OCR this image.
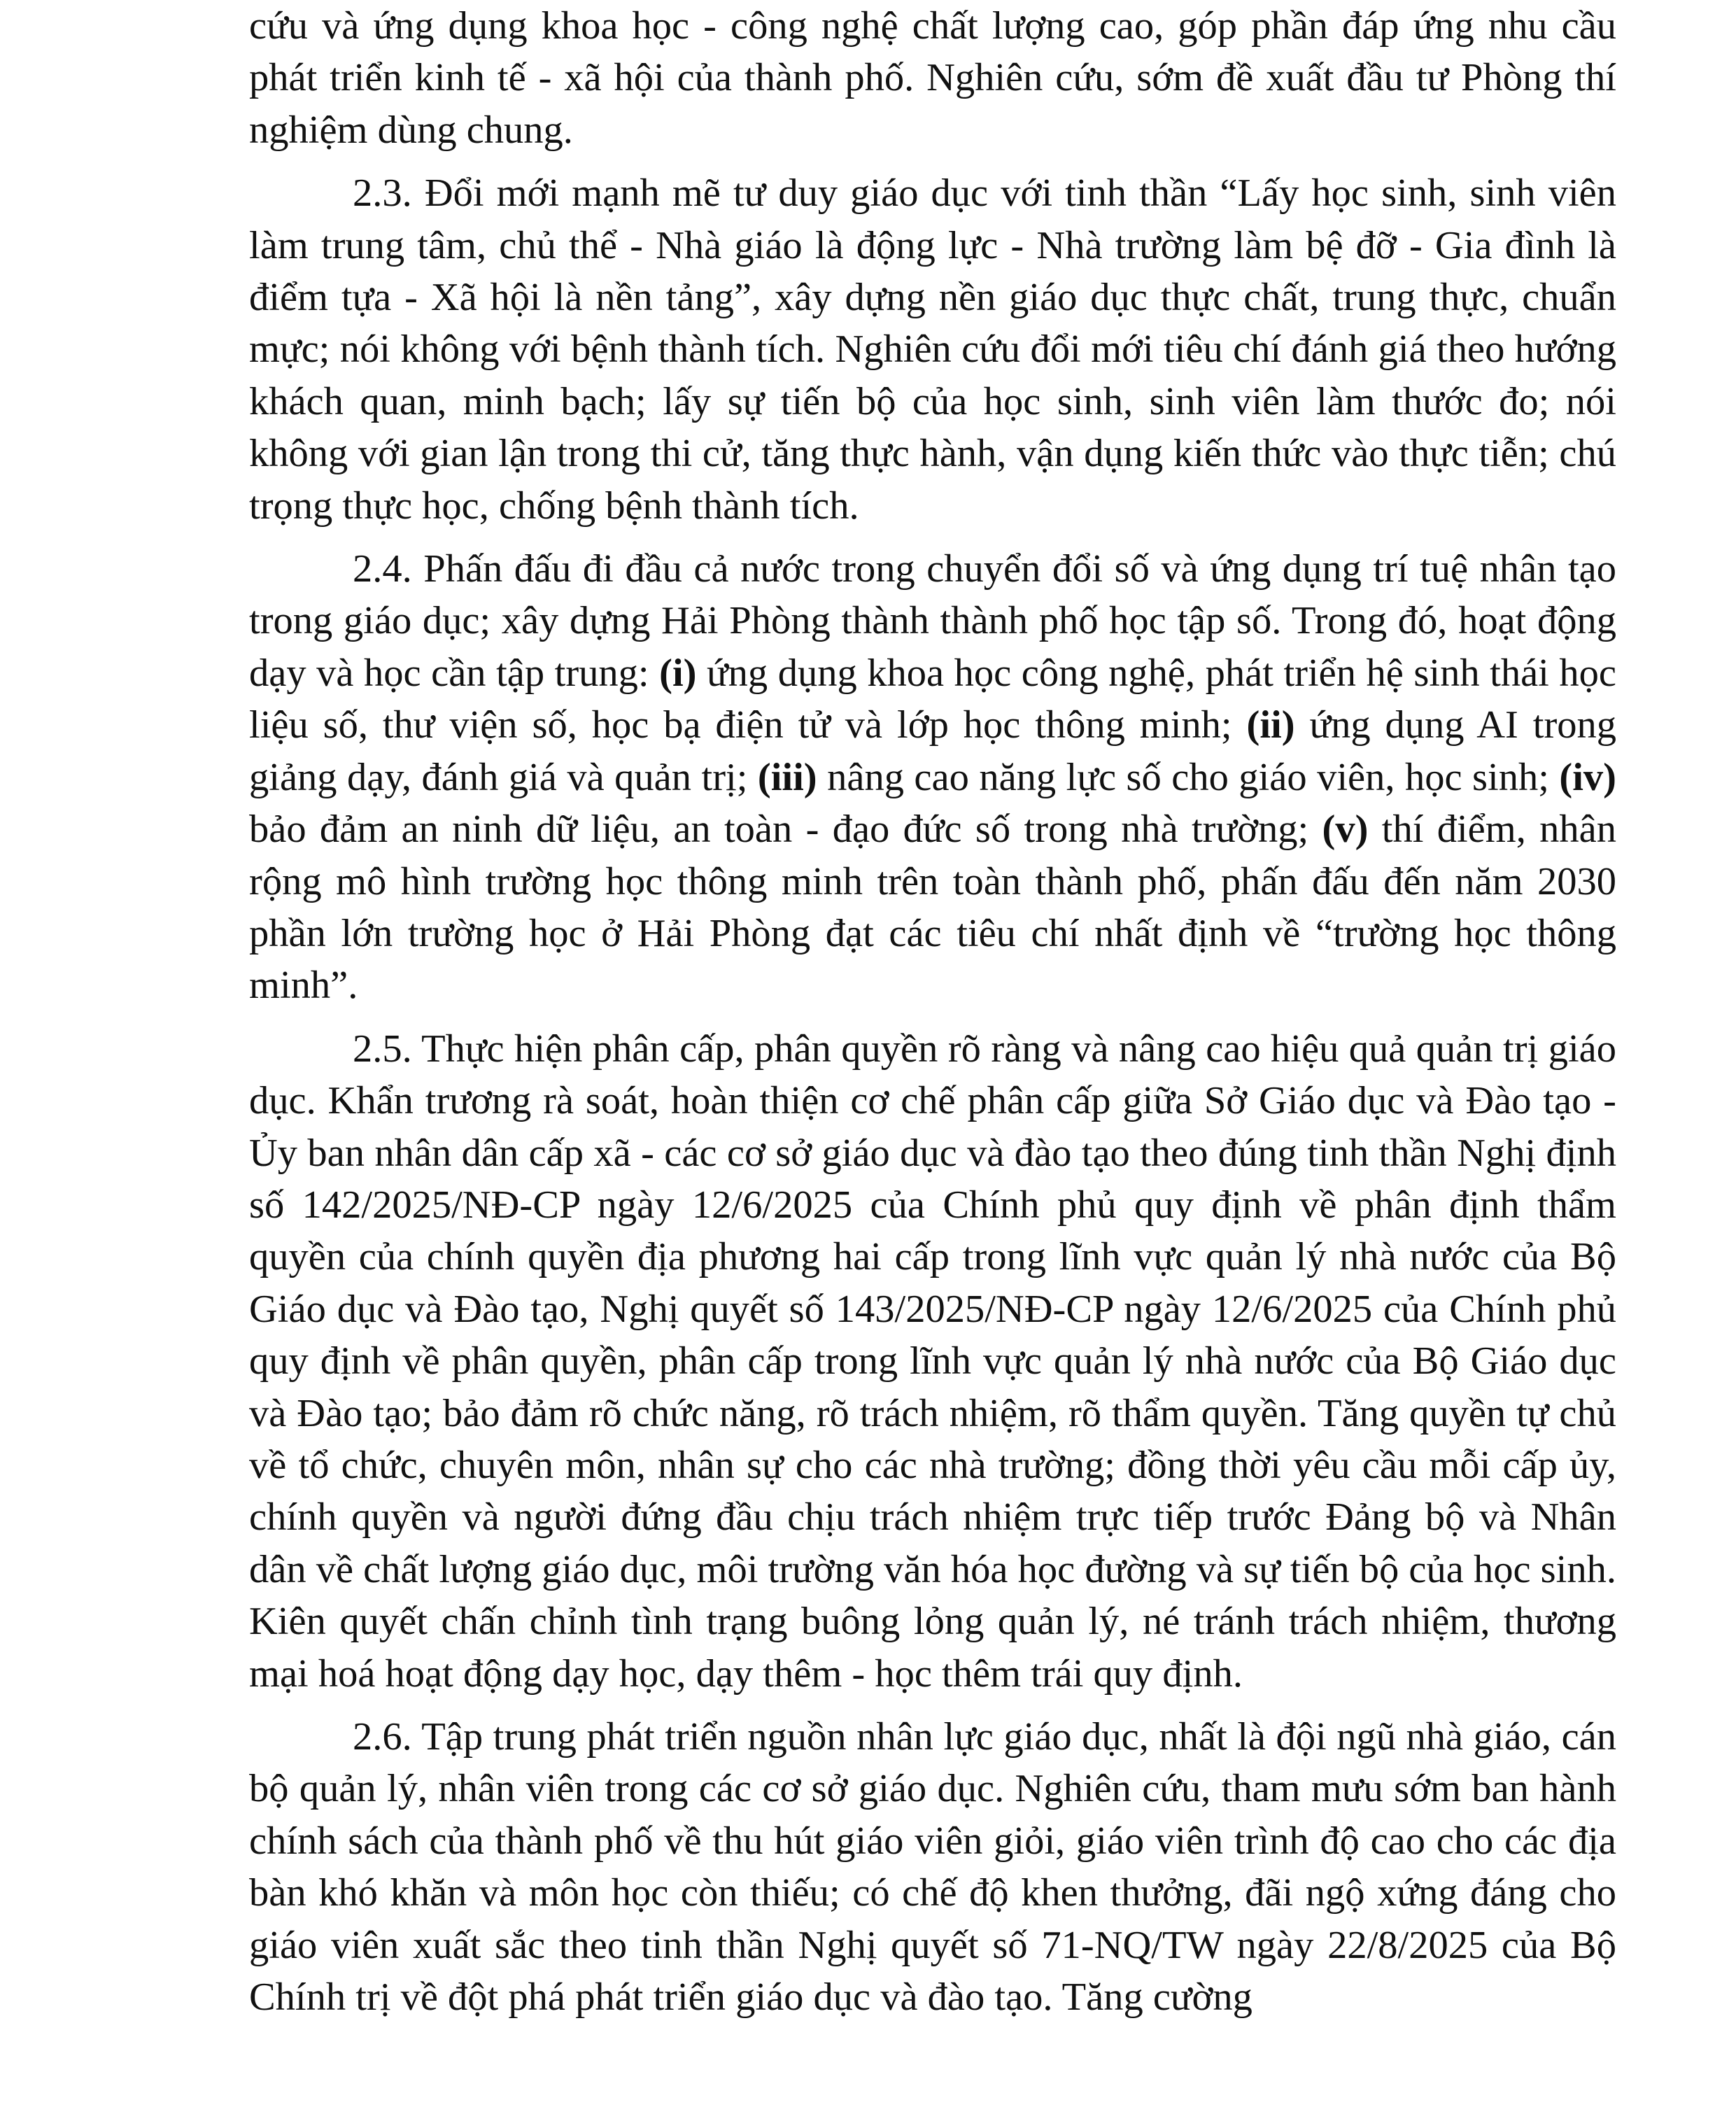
cứu và ứng dụng khoa học - công nghệ chất lượng cao, góp phần đáp ứng nhu cầu phát triển kinh tế - xã hội của thành phố. Nghiên cứu, sớm đề xuất đầu tư Phòng thí nghiệm dùng chung.

2.3. Đổi mới mạnh mẽ tư duy giáo dục với tinh thần “Lấy học sinh, sinh viên làm trung tâm, chủ thể - Nhà giáo là động lực - Nhà trường làm bệ đỡ - Gia đình là điểm tựa - Xã hội là nền tảng”, xây dựng nền giáo dục thực chất, trung thực, chuẩn mực; nói không với bệnh thành tích. Nghiên cứu đổi mới tiêu chí đánh giá theo hướng khách quan, minh bạch; lấy sự tiến bộ của học sinh, sinh viên làm thước đo; nói không với gian lận trong thi cử, tăng thực hành, vận dụng kiến thức vào thực tiễn; chú trọng thực học, chống bệnh thành tích.

2.4. Phấn đấu đi đầu cả nước trong chuyển đổi số và ứng dụng trí tuệ nhân tạo trong giáo dục; xây dựng Hải Phòng thành thành phố học tập số. Trong đó, hoạt động dạy và học cần tập trung: (i) ứng dụng khoa học công nghệ, phát triển hệ sinh thái học liệu số, thư viện số, học bạ điện tử và lớp học thông minh; (ii) ứng dụng AI trong giảng dạy, đánh giá và quản trị; (iii) nâng cao năng lực số cho giáo viên, học sinh; (iv) bảo đảm an ninh dữ liệu, an toàn - đạo đức số trong nhà trường; (v) thí điểm, nhân rộng mô hình trường học thông minh trên toàn thành phố, phấn đấu đến năm 2030 phần lớn trường học ở Hải Phòng đạt các tiêu chí nhất định về “trường học thông minh”.

2.5. Thực hiện phân cấp, phân quyền rõ ràng và nâng cao hiệu quả quản trị giáo dục. Khẩn trương rà soát, hoàn thiện cơ chế phân cấp giữa Sở Giáo dục và Đào tạo - Ủy ban nhân dân cấp xã - các cơ sở giáo dục và đào tạo theo đúng tinh thần Nghị định số 142/2025/NĐ-CP ngày 12/6/2025 của Chính phủ quy định về phân định thẩm quyền của chính quyền địa phương hai cấp trong lĩnh vực quản lý nhà nước của Bộ Giáo dục và Đào tạo, Nghị quyết số 143/2025/NĐ-CP ngày 12/6/2025 của Chính phủ quy định về phân quyền, phân cấp trong lĩnh vực quản lý nhà nước của Bộ Giáo dục và Đào tạo; bảo đảm rõ chức năng, rõ trách nhiệm, rõ thẩm quyền. Tăng quyền tự chủ về tổ chức, chuyên môn, nhân sự cho các nhà trường; đồng thời yêu cầu mỗi cấp ủy, chính quyền và người đứng đầu chịu trách nhiệm trực tiếp trước Đảng bộ và Nhân dân về chất lượng giáo dục, môi trường văn hóa học đường và sự tiến bộ của học sinh. Kiên quyết chấn chỉnh tình trạng buông lỏng quản lý, né tránh trách nhiệm, thương mại hoá hoạt động dạy học, dạy thêm - học thêm trái quy định.

2.6. Tập trung phát triển nguồn nhân lực giáo dục, nhất là đội ngũ nhà giáo, cán bộ quản lý, nhân viên trong các cơ sở giáo dục. Nghiên cứu, tham mưu sớm ban hành chính sách của thành phố về thu hút giáo viên giỏi, giáo viên trình độ cao cho các địa bàn khó khăn và môn học còn thiếu; có chế độ khen thưởng, đãi ngộ xứng đáng cho giáo viên xuất sắc theo tinh thần Nghị quyết số 71-NQ/TW ngày 22/8/2025 của Bộ Chính trị về đột phá phát triển giáo dục và đào tạo. Tăng cường
